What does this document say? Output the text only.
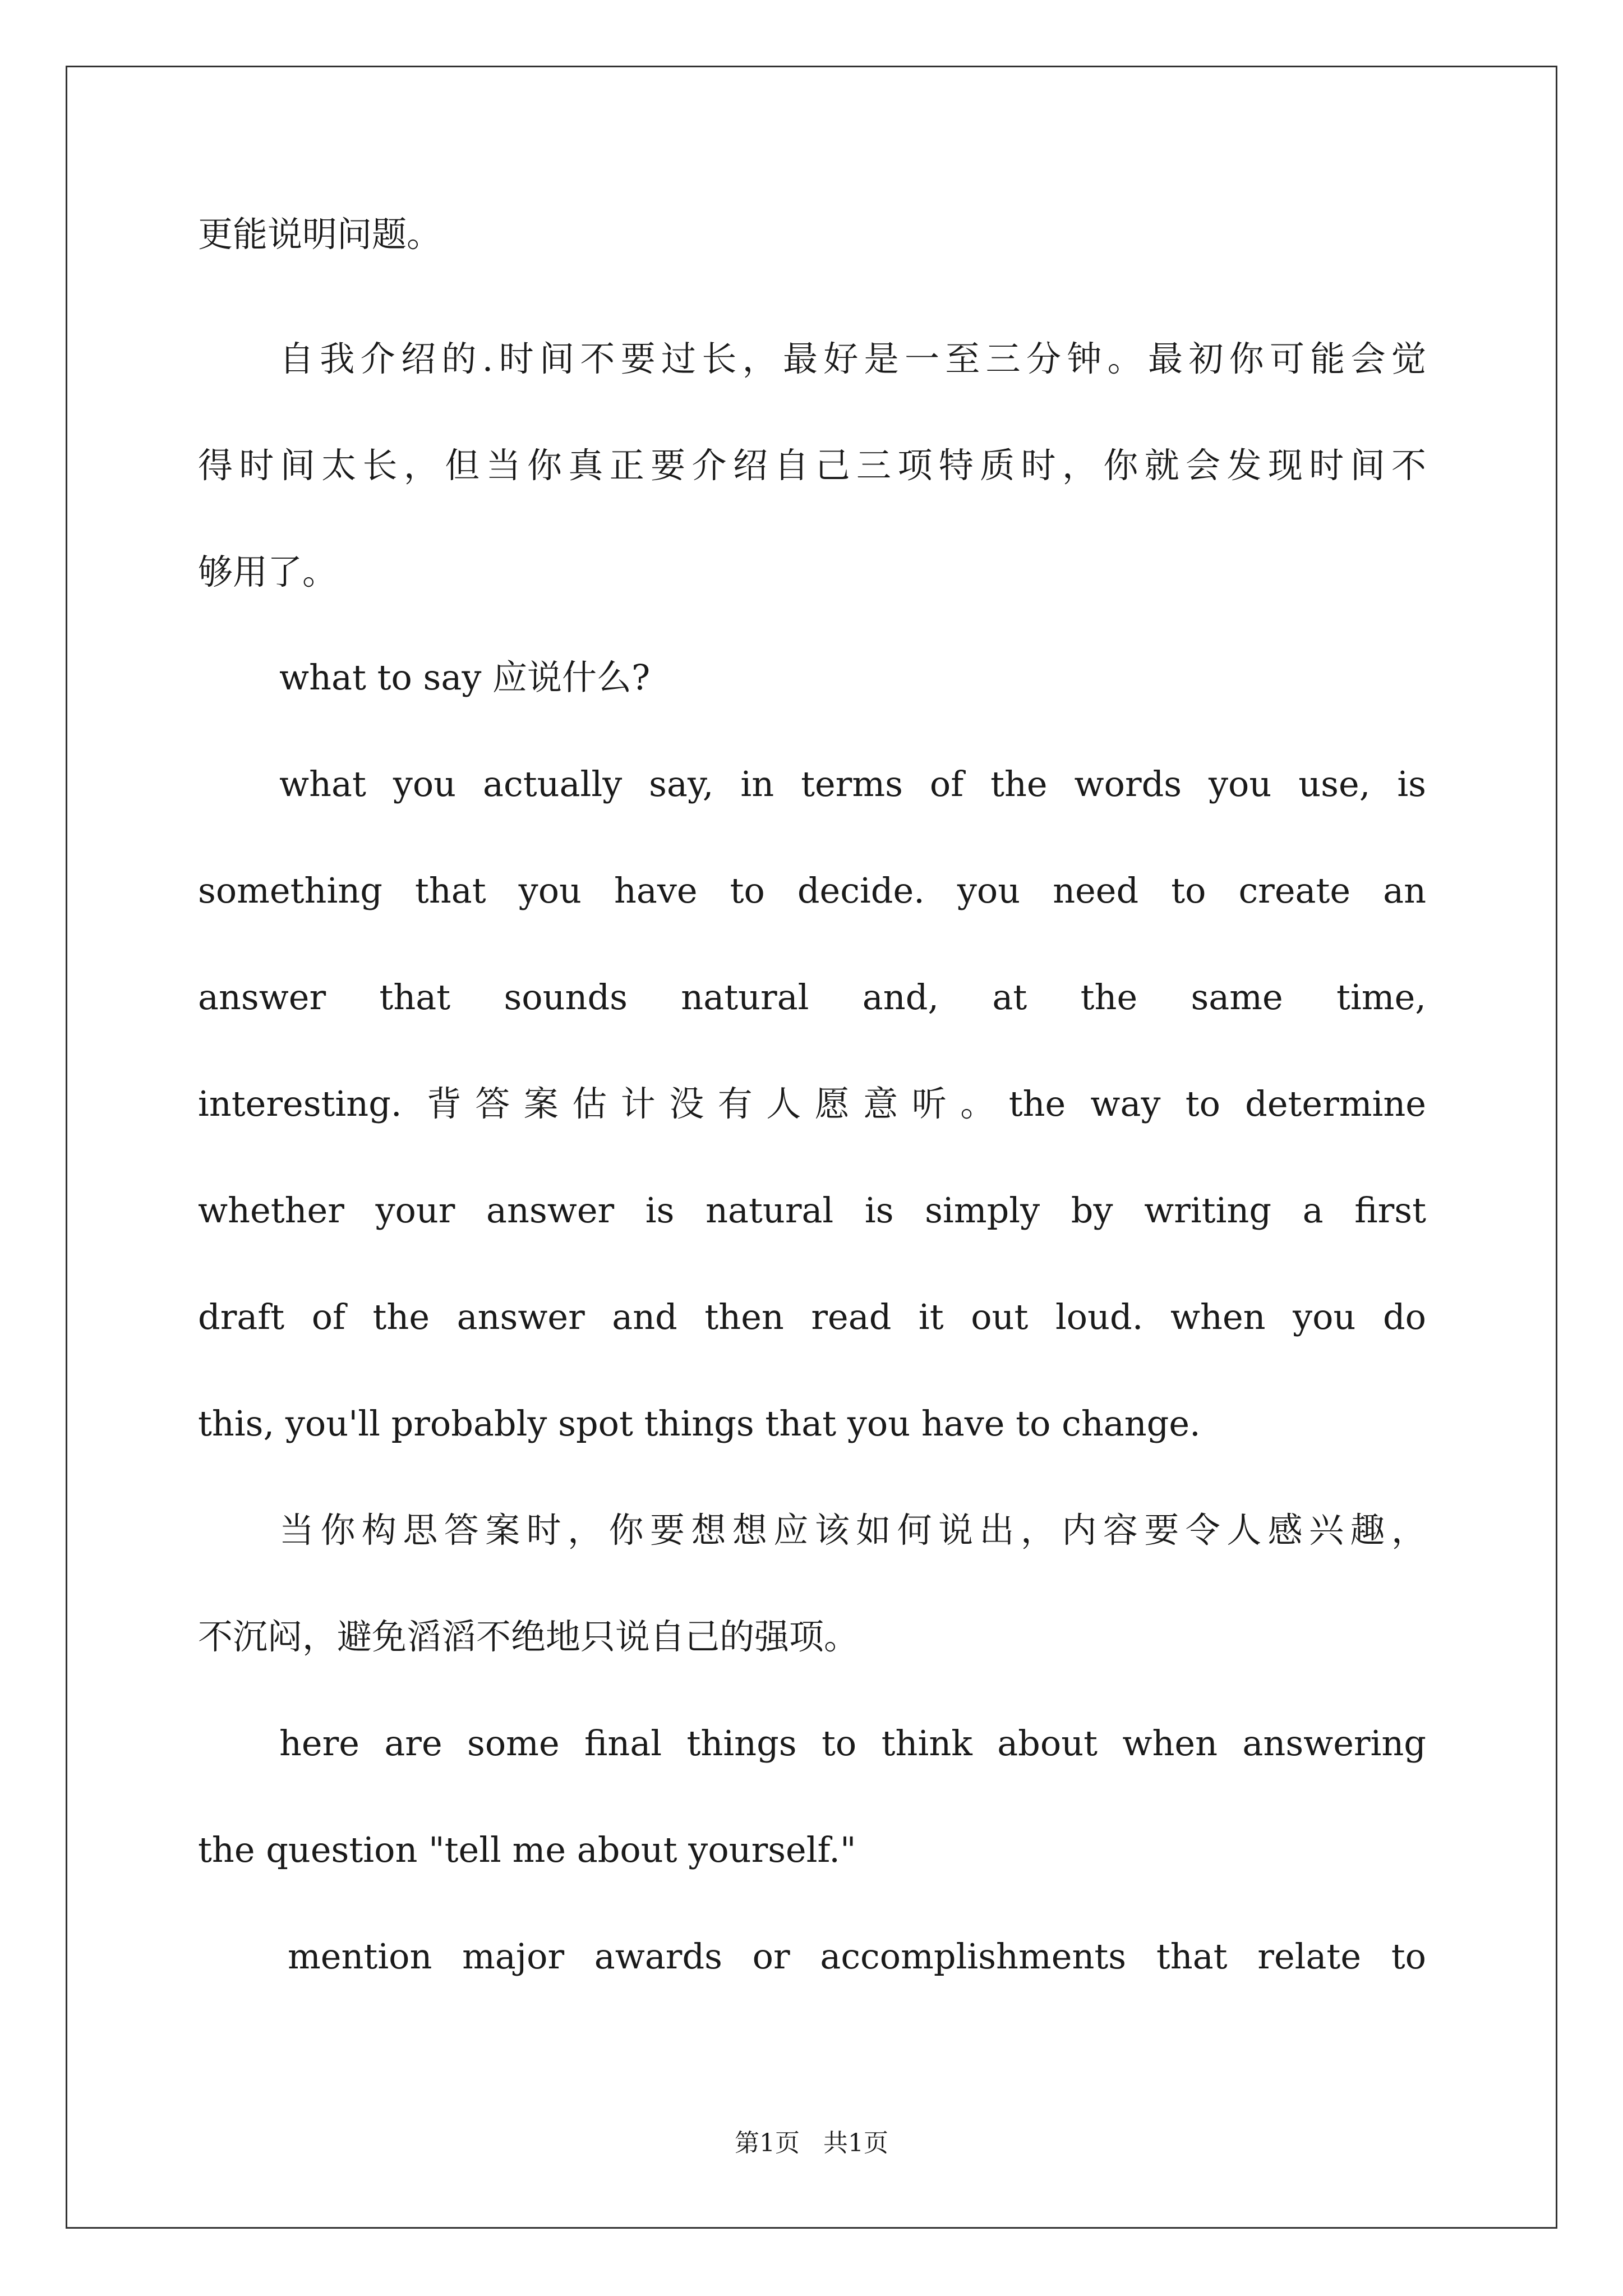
更能说明问题。
自我介绍的.时间不要过长，最好是一至三分钟。最初你可能会觉
得时间太长，但当你真正要介绍自己三项特质时，你就会发现时间不
够用了。
what to say 应说什么?
what you actually say, in terms of the words you use, is
something that you have to decide. you need to create an
answer that sounds natural and, at the same time,
interesting. 背答案估计没有人愿意听。the way to determine
whether your answer is natural is simply by writing a first
draft of the answer and then read it out loud. when you do
this, you'll probably spot things that you have to change.
当你构思答案时，你要想想应该如何说出，内容要令人感兴趣，
不沉闷，避免滔滔不绝地只说自己的强项。
here are some final things to think about when answering
the question "tell me about yourself."
mention major awards or accomplishments that relate to
第1页   共1页
